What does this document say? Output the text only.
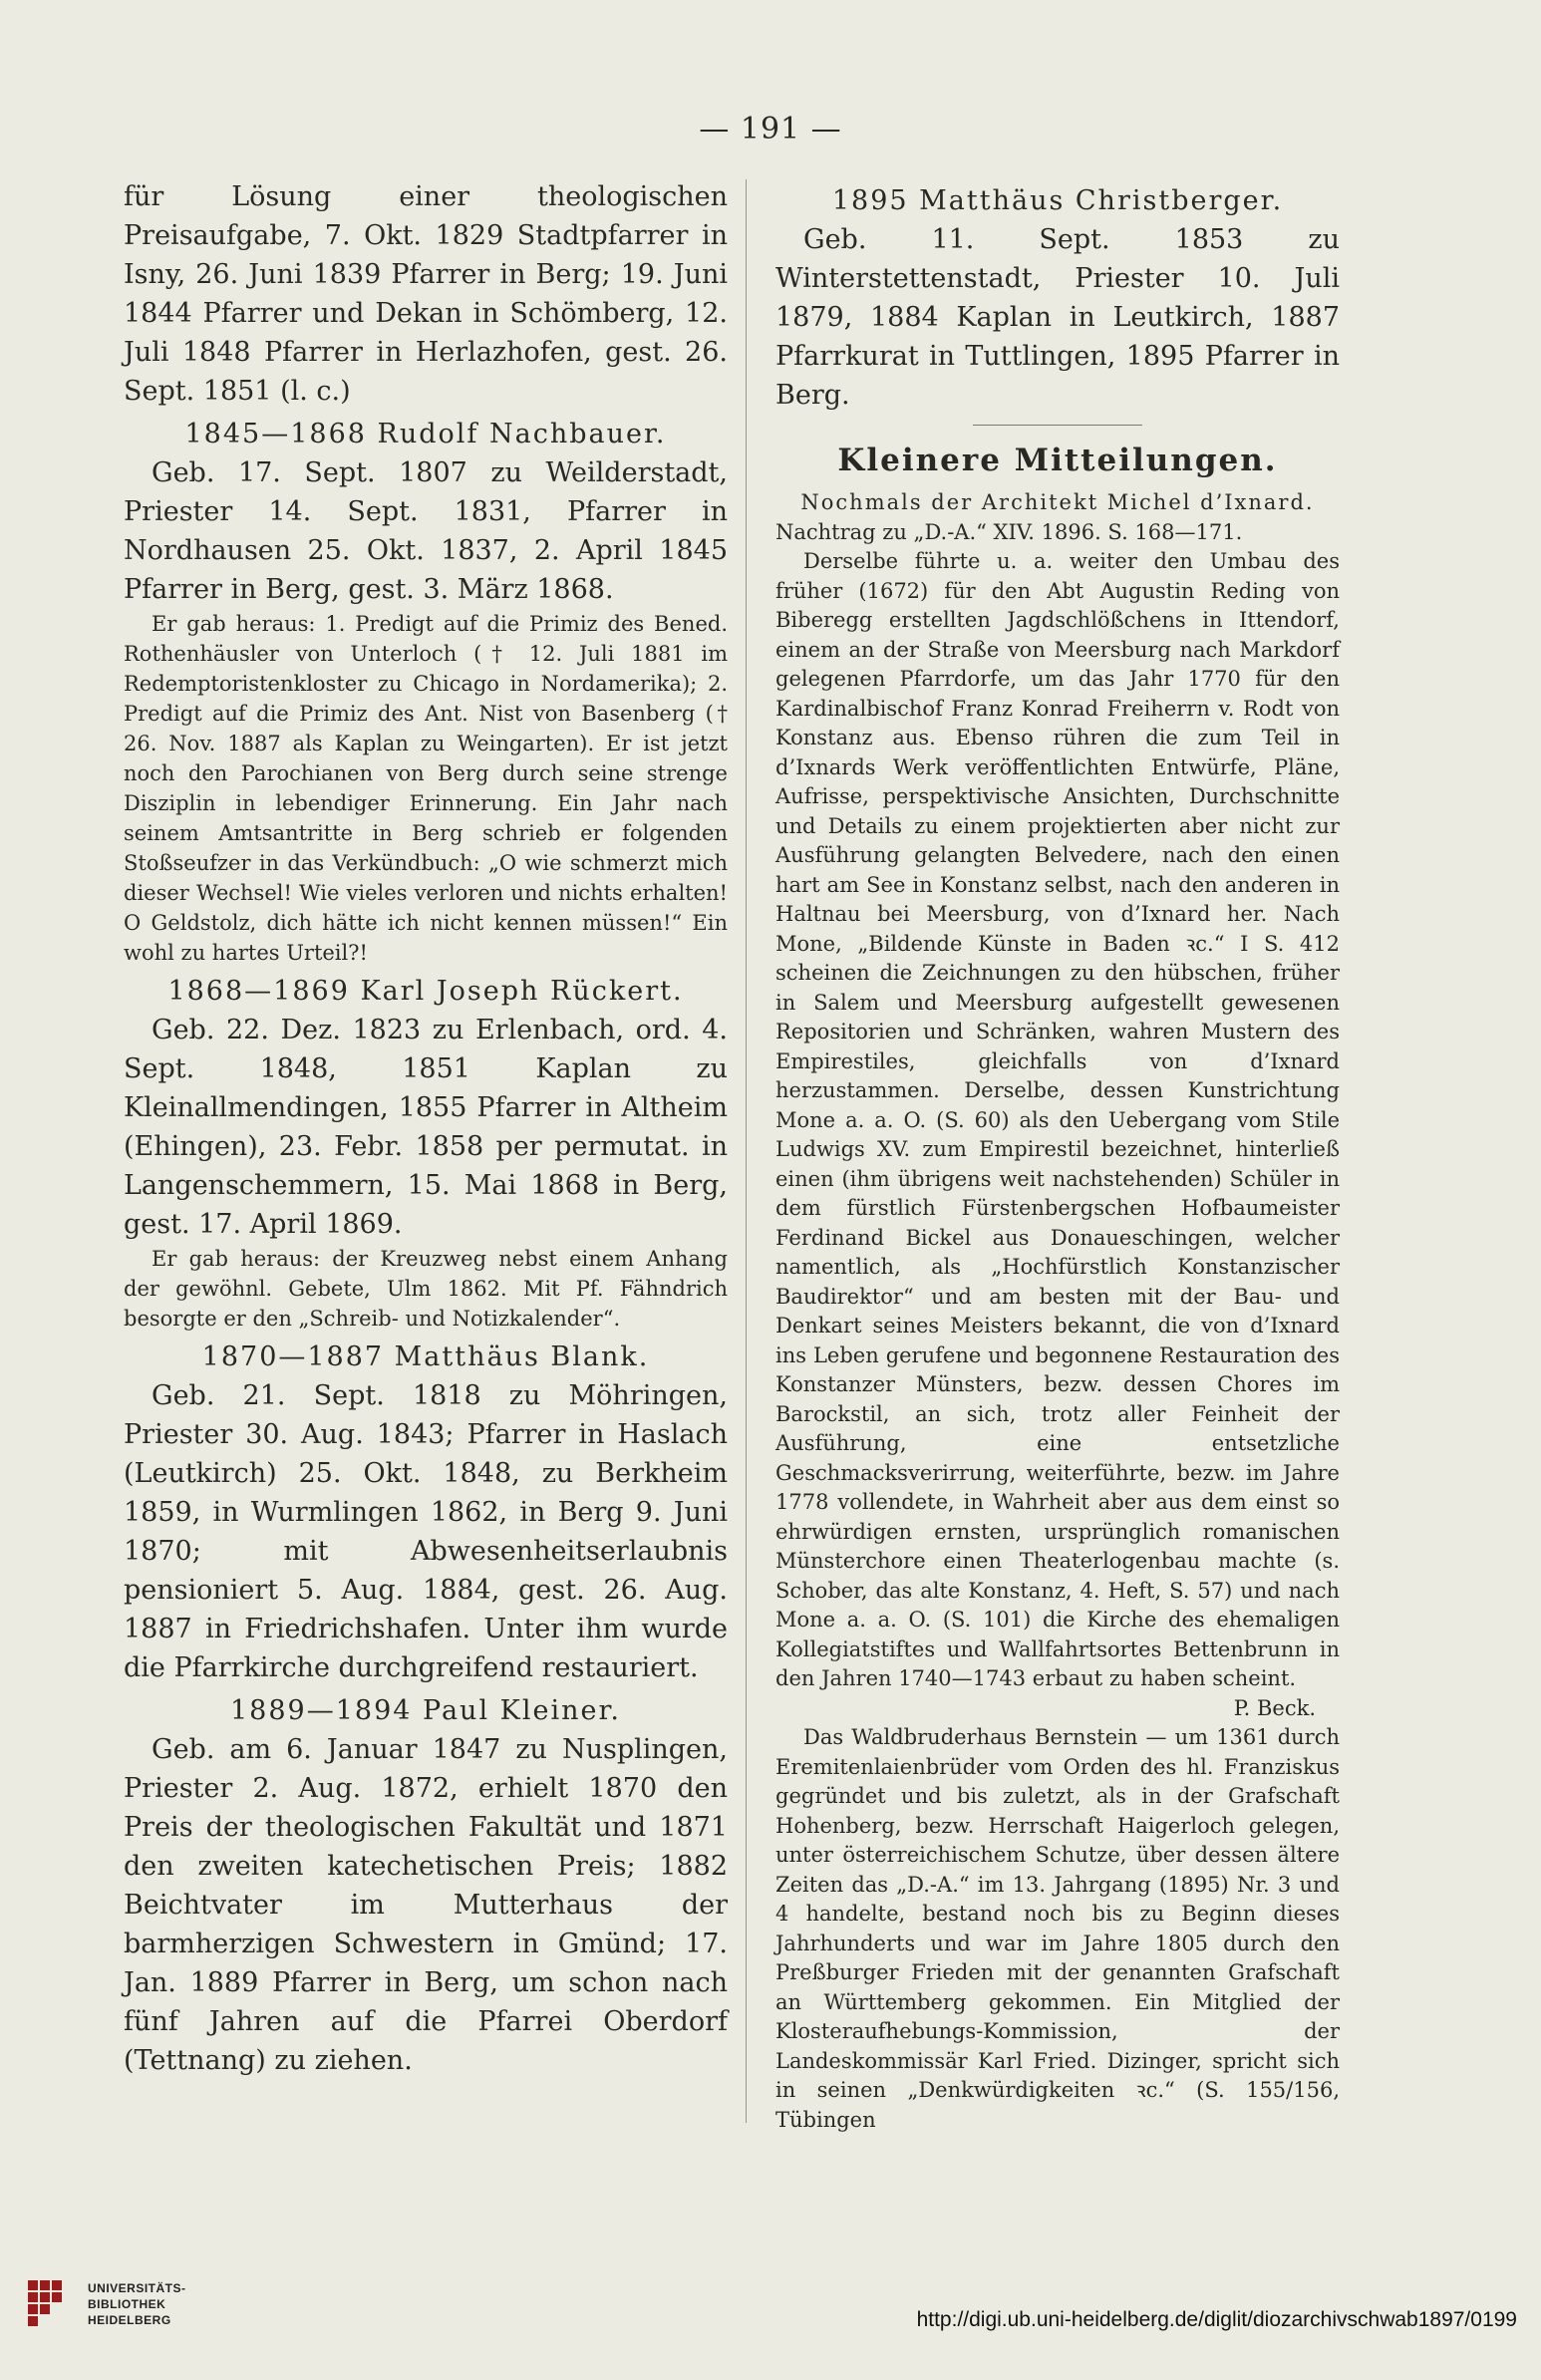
— 191 —

für Lösung einer theologischen Preisaufgabe, 7. Okt. 1829 Stadtpfarrer in Isny, 26. Juni 1839 Pfarrer in Berg; 19. Juni 1844 Pfarrer und Dekan in Schömberg, 12. Juli 1848 Pfarrer in Herlazhofen, gest. 26. Sept. 1851 (l. c.)

1845—1868 Rudolf Nachbauer.

Geb. 17. Sept. 1807 zu Weilderstadt, Priester 14. Sept. 1831, Pfarrer in Nordhausen 25. Okt. 1837, 2. April 1845 Pfarrer in Berg, gest. 3. März 1868.

Er gab heraus: 1. Predigt auf die Primiz des Bened. Rothenhäusler von Unterloch († 12. Juli 1881 im Redemptoristenkloster zu Chicago in Nordamerika); 2. Predigt auf die Primiz des Ant. Nist von Basenberg († 26. Nov. 1887 als Kaplan zu Weingarten). Er ist jetzt noch den Parochianen von Berg durch seine strenge Disziplin in lebendiger Erinnerung. Ein Jahr nach seinem Amtsantritte in Berg schrieb er folgenden Stoßseufzer in das Verkündbuch: „O wie schmerzt mich dieser Wechsel! Wie vieles verloren und nichts erhalten! O Geldstolz, dich hätte ich nicht kennen müssen!“ Ein wohl zu hartes Urteil?!

1868—1869 Karl Joseph Rückert.

Geb. 22. Dez. 1823 zu Erlenbach, ord. 4. Sept. 1848, 1851 Kaplan zu Kleinallmendingen, 1855 Pfarrer in Altheim (Ehingen), 23. Febr. 1858 per permutat. in Langenschemmern, 15. Mai 1868 in Berg, gest. 17. April 1869.

Er gab heraus: der Kreuzweg nebst einem Anhang der gewöhnl. Gebete, Ulm 1862. Mit Pf. Fähndrich besorgte er den „Schreib- und Notizkalender“.

1870—1887 Matthäus Blank.

Geb. 21. Sept. 1818 zu Möhringen, Priester 30. Aug. 1843; Pfarrer in Haslach (Leutkirch) 25. Okt. 1848, zu Berkheim 1859, in Wurmlingen 1862, in Berg 9. Juni 1870; mit Abwesenheitserlaubnis pensioniert 5. Aug. 1884, gest. 26. Aug. 1887 in Friedrichshafen. Unter ihm wurde die Pfarrkirche durchgreifend restauriert.

1889—1894 Paul Kleiner.

Geb. am 6. Januar 1847 zu Nusplingen, Priester 2. Aug. 1872, erhielt 1870 den Preis der theologischen Fakultät und 1871 den zweiten katechetischen Preis; 1882 Beichtvater im Mutterhaus der barmherzigen Schwestern in Gmünd; 17. Jan. 1889 Pfarrer in Berg, um schon nach fünf Jahren auf die Pfarrei Oberdorf (Tettnang) zu ziehen.

1895 Matthäus Christberger.

Geb. 11. Sept. 1853 zu Winterstettenstadt, Priester 10. Juli 1879, 1884 Kaplan in Leutkirch, 1887 Pfarrkurat in Tuttlingen, 1895 Pfarrer in Berg.

Kleinere Mitteilungen.

Nochmals der Architekt Michel d’Ixnard.

Nachtrag zu „D.-A.“ XIV. 1896. S. 168—171.

Derselbe führte u. a. weiter den Umbau des früher (1672) für den Abt Augustin Reding von Biberegg erstellten Jagdschlößchens in Ittendorf, einem an der Straße von Meersburg nach Markdorf gelegenen Pfarrdorfe, um das Jahr 1770 für den Kardinalbischof Franz Konrad Freiherrn v. Rodt von Konstanz aus. Ebenso rühren die zum Teil in d’Ixnards Werk veröffentlichten Entwürfe, Pläne, Aufrisse, perspektivische Ansichten, Durchschnitte und Details zu einem projektierten aber nicht zur Ausführung gelangten Belvedere, nach den einen hart am See in Konstanz selbst, nach den anderen in Haltnau bei Meersburg, von d’Ixnard her. Nach Mone, „Bildende Künste in Baden ꝛc.“ I S. 412 scheinen die Zeichnungen zu den hübschen, früher in Salem und Meersburg aufgestellt gewesenen Repositorien und Schränken, wahren Mustern des Empirestiles, gleichfalls von d’Ixnard herzustammen. Derselbe, dessen Kunstrichtung Mone a. a. O. (S. 60) als den Uebergang vom Stile Ludwigs XV. zum Empirestil bezeichnet, hinterließ einen (ihm übrigens weit nachstehenden) Schüler in dem fürstlich Fürstenbergschen Hofbaumeister Ferdinand Bickel aus Donaueschingen, welcher namentlich, als „Hochfürstlich Konstanzischer Baudirektor“ und am besten mit der Bau- und Denkart seines Meisters bekannt, die von d’Ixnard ins Leben gerufene und begonnene Restauration des Konstanzer Münsters, bezw. dessen Chores im Barockstil, an sich, trotz aller Feinheit der Ausführung, eine entsetzliche Geschmacksverirrung, weiterführte, bezw. im Jahre 1778 vollendete, in Wahrheit aber aus dem einst so ehrwürdigen ernsten, ursprünglich romanischen Münsterchore einen Theaterlogenbau machte (s. Schober, das alte Konstanz, 4. Heft, S. 57) und nach Mone a. a. O. (S. 101) die Kirche des ehemaligen Kollegiatstiftes und Wallfahrtsortes Bettenbrunn in den Jahren 1740—1743 erbaut zu haben scheint.

P. Beck.

Das Waldbruderhaus Bernstein — um 1361 durch Eremitenlaienbrüder vom Orden des hl. Franziskus gegründet und bis zuletzt, als in der Grafschaft Hohenberg, bezw. Herrschaft Haigerloch gelegen, unter österreichischem Schutze, über dessen ältere Zeiten das „D.-A.“ im 13. Jahrgang (1895) Nr. 3 und 4 handelte, bestand noch bis zu Beginn dieses Jahrhunderts und war im Jahre 1805 durch den Preßburger Frieden mit der genannten Grafschaft an Württemberg gekommen. Ein Mitglied der Klosteraufhebungs-Kommission, der Landeskommissär Karl Fried. Dizinger, spricht sich in seinen „Denkwürdigkeiten ꝛc.“ (S. 155/156, Tübingen

UNIVERSITÄTS-
BIBLIOTHEK
HEIDELBERG	http://digi.ub.uni-heidelberg.de/diglit/diozarchivschwab1897/0199
